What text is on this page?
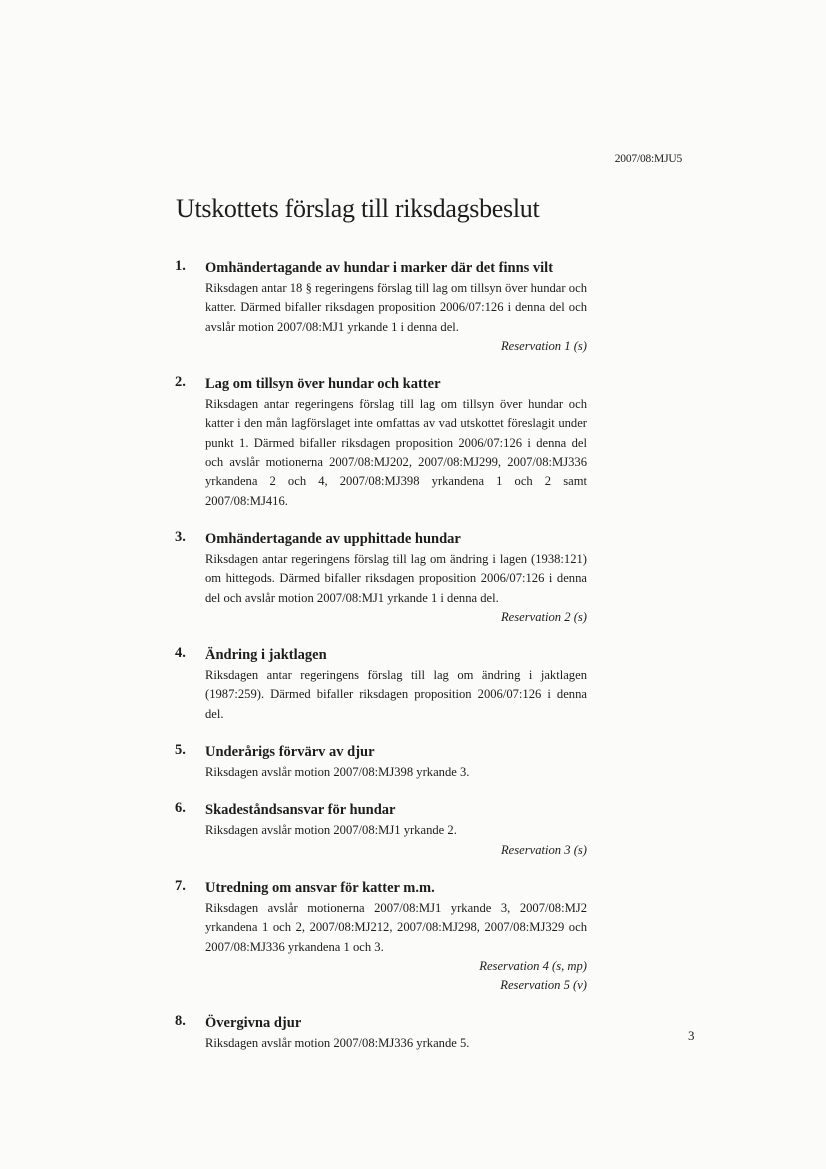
2007/08:MJU5
Utskottets förslag till riksdagsbeslut
1. Omhändertagande av hundar i marker där det finns vilt
Riksdagen antar 18 § regeringens förslag till lag om tillsyn över hundar och katter. Därmed bifaller riksdagen proposition 2006/07:126 i denna del och avslår motion 2007/08:MJ1 yrkande 1 i denna del.
Reservation 1 (s)
2. Lag om tillsyn över hundar och katter
Riksdagen antar regeringens förslag till lag om tillsyn över hundar och katter i den mån lagförslaget inte omfattas av vad utskottet föreslagit under punkt 1. Därmed bifaller riksdagen proposition 2006/07:126 i denna del och avslår motionerna 2007/08:MJ202, 2007/08:MJ299, 2007/08:MJ336 yrkandena 2 och 4, 2007/08:MJ398 yrkandena 1 och 2 samt 2007/08:MJ416.
3. Omhändertagande av upphittade hundar
Riksdagen antar regeringens förslag till lag om ändring i lagen (1938:121) om hittegods. Därmed bifaller riksdagen proposition 2006/07:126 i denna del och avslår motion 2007/08:MJ1 yrkande 1 i denna del.
Reservation 2 (s)
4. Ändring i jaktlagen
Riksdagen antar regeringens förslag till lag om ändring i jaktlagen (1987:259). Därmed bifaller riksdagen proposition 2006/07:126 i denna del.
5. Underårigs förvärv av djur
Riksdagen avslår motion 2007/08:MJ398 yrkande 3.
6. Skadeståndsansvar för hundar
Riksdagen avslår motion 2007/08:MJ1 yrkande 2.
Reservation 3 (s)
7. Utredning om ansvar för katter m.m.
Riksdagen avslår motionerna 2007/08:MJ1 yrkande 3, 2007/08:MJ2 yrkandena 1 och 2, 2007/08:MJ212, 2007/08:MJ298, 2007/08:MJ329 och 2007/08:MJ336 yrkandena 1 och 3.
Reservation 4 (s, mp)
Reservation 5 (v)
8. Övergivna djur
Riksdagen avslår motion 2007/08:MJ336 yrkande 5.
3
